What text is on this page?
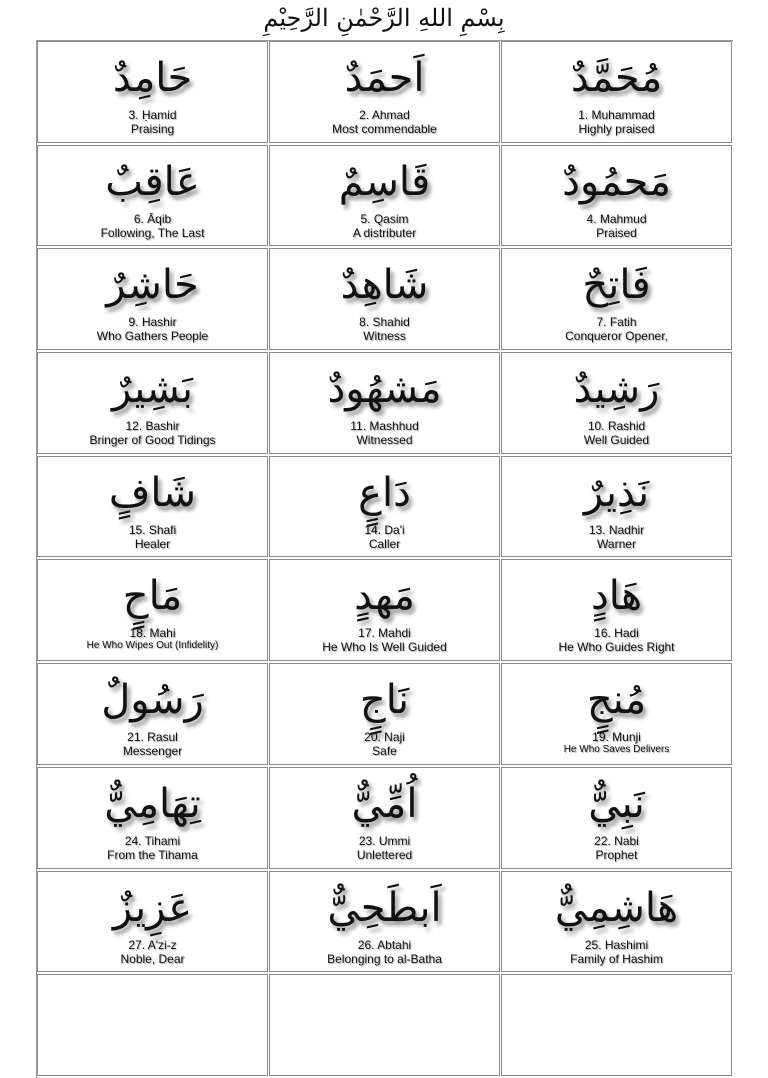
بِسْمِ اللهِ الرَّحْمٰنِ الرَّحِيْمِ
حَامِدٌ
3. Ḥamid
Praising
اَحمَدٌ
2. Ahmad
Most commendable
مُحَمَّدٌ
1. Muhammad
Highly praised
عَاقِبٌ
6. Āqib
Following, The Last
قَاسِمٌ
5. Qasim
A distributer
مَحمُودٌ
4. Mahmud
Praised
حَاشِرٌ
9. Hashir
Who Gathers People
شَاهِدٌ
8. Shahid
Witness
فَاتِحٌ
7. Fatih
Conqueror Opener,
بَشِيرٌ
12. Bashir
Bringer of Good Tidings
مَشهُودٌ
11. Mashhud
Witnessed
رَشِيدٌ
10. Rashid
Well Guided
شَافٍ
15. Shafi
Healer
دَاعٍ
14. Da'i
Caller
نَذِيرٌ
13. Nadhir
Warner
مَاحٍ
18. Mahi
He Who Wipes Out (Infidelity)
مَهدٍ
17. Mahdi
He Who Is Well Guided
هَادٍ
16. Hadi
He Who Guides Right
رَسُولٌ
21. Rasul
Messenger
نَاجٍ
20. Naji
Safe
مُنجٍ
19. Munji
He Who Saves Delivers
تِهَامِيٌّ
24. Tihami
From the Tihama
اُمِّيٌّ
23. Ummi
Unlettered
نَبِيٌّ
22. Nabi
Prophet
عَزِيزٌ
27. A'zi-z
Noble, Dear
اَبطَحِيٌّ
26. Abtahi
Belonging to al-Batha
هَاشِمِيٌّ
25. Hashimi
Family of Hashim
